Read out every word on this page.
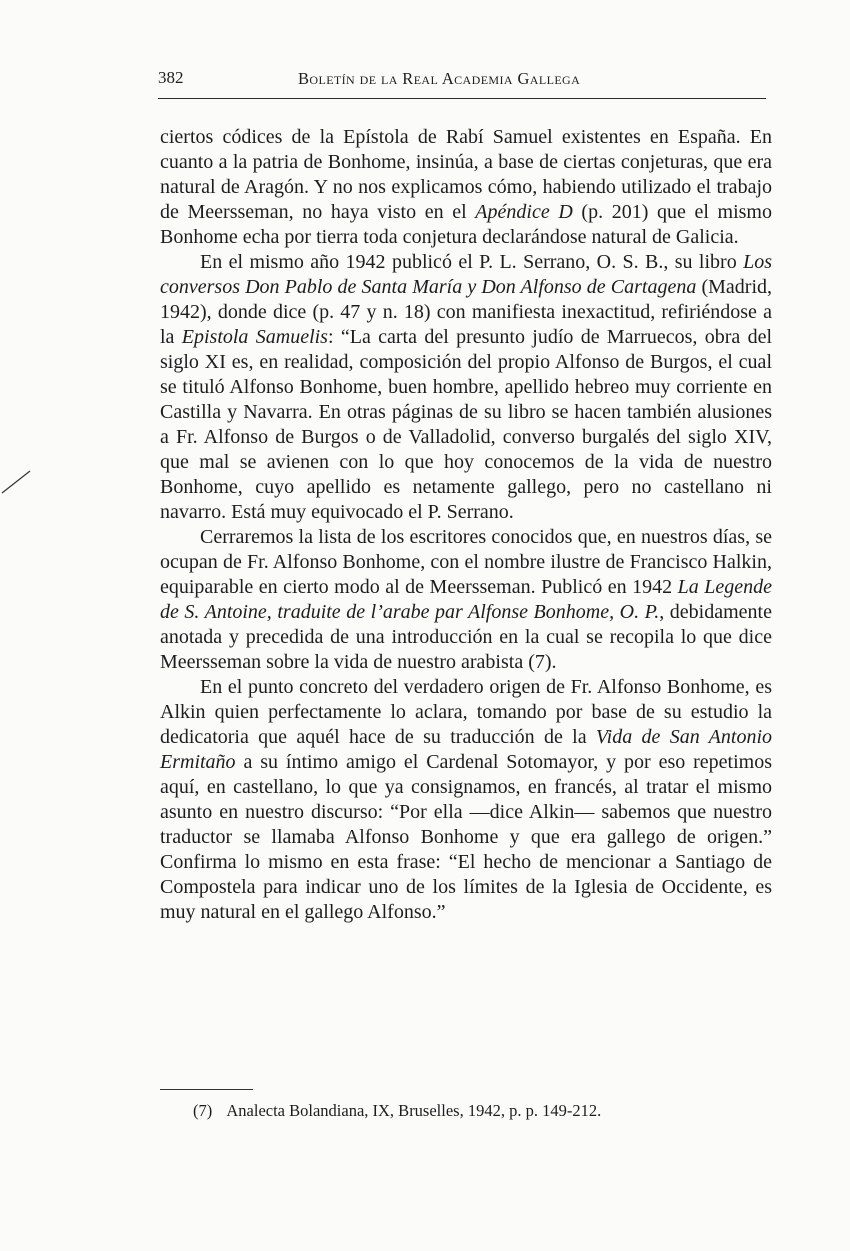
382	Boletín de la Real Academia Gallega

ciertos códices de la Epístola de Rabí Samuel existentes en España. En cuanto a la patria de Bonhome, insinúa, a base de ciertas conjeturas, que era natural de Aragón. Y no nos explicamos cómo, habiendo utilizado el trabajo de Meersseman, no haya visto en el Apéndice D (p. 201) que el mismo Bonhome echa por tierra toda conjetura declarándose natural de Galicia.

En el mismo año 1942 publicó el P. L. Serrano, O. S. B., su libro Los conversos Don Pablo de Santa María y Don Alfonso de Cartagena (Madrid, 1942), donde dice (p. 47 y n. 18) con manifiesta inexactitud, refiriéndose a la Epistola Samuelis: “La carta del presunto judío de Marruecos, obra del siglo XI es, en realidad, composición del propio Alfonso de Burgos, el cual se tituló Alfonso Bonhome, buen hombre, apellido hebreo muy corriente en Castilla y Navarra. En otras páginas de su libro se hacen también alusiones a Fr. Alfonso de Burgos o de Valladolid, converso burgalés del siglo XIV, que mal se avienen con lo que hoy conocemos de la vida de nuestro Bonhome, cuyo apellido es netamente gallego, pero no castellano ni navarro. Está muy equivocado el P. Serrano.

Cerraremos la lista de los escritores conocidos que, en nuestros días, se ocupan de Fr. Alfonso Bonhome, con el nombre ilustre de Francisco Halkin, equiparable en cierto modo al de Meersseman. Publicó en 1942 La Legende de S. Antoine, traduite de l’arabe par Alfonse Bonhome, O. P., debidamente anotada y precedida de una introducción en la cual se recopila lo que dice Meersseman sobre la vida de nuestro arabista (7).

En el punto concreto del verdadero origen de Fr. Alfonso Bonhome, es Alkin quien perfectamente lo aclara, tomando por base de su estudio la dedicatoria que aquél hace de su traducción de la Vida de San Antonio Ermitaño a su íntimo amigo el Cardenal Sotomayor, y por eso repetimos aquí, en castellano, lo que ya consignamos, en francés, al tratar el mismo asunto en nuestro discurso: “Por ella —dice Alkin— sabemos que nuestro traductor se llamaba Alfonso Bonhome y que era gallego de origen.” Confirma lo mismo en esta frase: “El hecho de mencionar a Santiago de Compostela para indicar uno de los límites de la Iglesia de Occidente, es muy natural en el gallego Alfonso.”

(7) Analecta Bolandiana, IX, Bruselles, 1942, p. p. 149-212.
